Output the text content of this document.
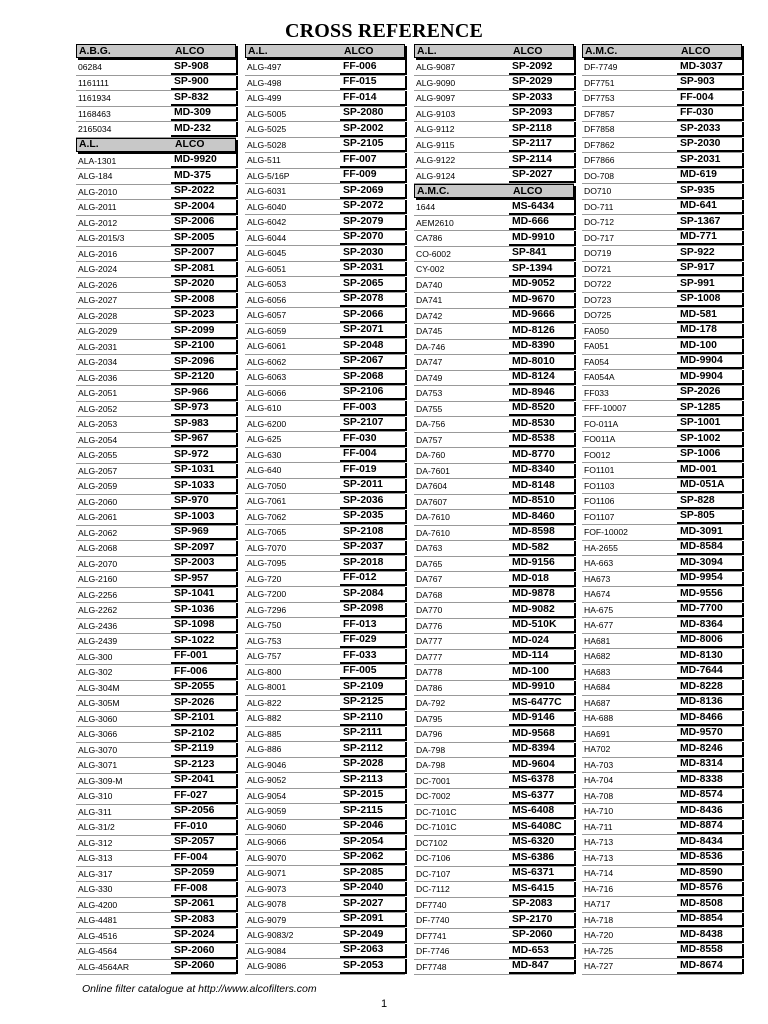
CROSS REFERENCE
A.B.G.	ALCO
06284	SP-908
1161111	SP-900
1161934	SP-832
1168463	MD-309
2165034	MD-232
A.L.	ALCO
ALA-1301	MD-9920
ALG-184	MD-375
ALG-2010	SP-2022
ALG-2011	SP-2004
ALG-2012	SP-2006
ALG-2015/3	SP-2005
ALG-2016	SP-2007
ALG-2024	SP-2081
ALG-2026	SP-2020
ALG-2027	SP-2008
ALG-2028	SP-2023
ALG-2029	SP-2099
ALG-2031	SP-2100
ALG-2034	SP-2096
ALG-2036	SP-2120
ALG-2051	SP-966
ALG-2052	SP-973
ALG-2053	SP-983
ALG-2054	SP-967
ALG-2055	SP-972
ALG-2057	SP-1031
ALG-2059	SP-1033
ALG-2060	SP-970
ALG-2061	SP-1003
ALG-2062	SP-969
ALG-2068	SP-2097
ALG-2070	SP-2003
ALG-2160	SP-957
ALG-2256	SP-1041
ALG-2262	SP-1036
ALG-2436	SP-1098
ALG-2439	SP-1022
ALG-300	FF-001
ALG-302	FF-006
ALG-304M	SP-2055
ALG-305M	SP-2026
ALG-3060	SP-2101
ALG-3066	SP-2102
ALG-3070	SP-2119
ALG-3071	SP-2123
ALG-309-M	SP-2041
ALG-310	FF-027
ALG-311	SP-2056
ALG-31/2	FF-010
ALG-312	SP-2057
ALG-313	FF-004
ALG-317	SP-2059
ALG-330	FF-008
ALG-4200	SP-2061
ALG-4481	SP-2083
ALG-4516	SP-2024
ALG-4564	SP-2060
ALG-4564AR	SP-2060
A.L.	ALCO
ALG-497	FF-006
ALG-498	FF-015
ALG-499	FF-014
ALG-5005	SP-2080
ALG-5025	SP-2002
ALG-5028	SP-2105
ALG-511	FF-007
ALG-5/16P	FF-009
ALG-6031	SP-2069
ALG-6040	SP-2072
ALG-6042	SP-2079
ALG-6044	SP-2070
ALG-6045	SP-2030
ALG-6051	SP-2031
ALG-6053	SP-2065
ALG-6056	SP-2078
ALG-6057	SP-2066
ALG-6059	SP-2071
ALG-6061	SP-2048
ALG-6062	SP-2067
ALG-6063	SP-2068
ALG-6066	SP-2106
ALG-610	FF-003
ALG-6200	SP-2107
ALG-625	FF-030
ALG-630	FF-004
ALG-640	FF-019
ALG-7050	SP-2011
ALG-7061	SP-2036
ALG-7062	SP-2035
ALG-7065	SP-2108
ALG-7070	SP-2037
ALG-7095	SP-2018
ALG-720	FF-012
ALG-7200	SP-2084
ALG-7296	SP-2098
ALG-750	FF-013
ALG-753	FF-029
ALG-757	FF-033
ALG-800	FF-005
ALG-8001	SP-2109
ALG-822	SP-2125
ALG-882	SP-2110
ALG-885	SP-2111
ALG-886	SP-2112
ALG-9046	SP-2028
ALG-9052	SP-2113
ALG-9054	SP-2015
ALG-9059	SP-2115
ALG-9060	SP-2046
ALG-9066	SP-2054
ALG-9070	SP-2062
ALG-9071	SP-2085
ALG-9073	SP-2040
ALG-9078	SP-2027
ALG-9079	SP-2091
ALG-9083/2	SP-2049
ALG-9084	SP-2063
ALG-9086	SP-2053
A.L.	ALCO
ALG-9087	SP-2092
ALG-9090	SP-2029
ALG-9097	SP-2033
ALG-9103	SP-2093
ALG-9112	SP-2118
ALG-9115	SP-2117
ALG-9122	SP-2114
ALG-9124	SP-2027
A.M.C.	ALCO
1644	MS-6434
AEM2610	MD-666
CA786	MD-9910
CO-6002	SP-841
CY-002	SP-1394
DA740	MD-9052
DA741	MD-9670
DA742	MD-9666
DA745	MD-8126
DA-746	MD-8390
DA747	MD-8010
DA749	MD-8124
DA753	MD-8946
DA755	MD-8520
DA-756	MD-8530
DA757	MD-8538
DA-760	MD-8770
DA-7601	MD-8340
DA7604	MD-8148
DA7607	MD-8510
DA-7610	MD-8460
DA-7610	MD-8598
DA763	MD-582
DA765	MD-9156
DA767	MD-018
DA768	MD-9878
DA770	MD-9082
DA776	MD-510K
DA777	MD-024
DA777	MD-114
DA778	MD-100
DA786	MD-9910
DA-792	MS-6477C
DA795	MD-9146
DA796	MD-9568
DA-798	MD-8394
DA-798	MD-9604
DC-7001	MS-6378
DC-7002	MS-6377
DC-7101C	MS-6408
DC-7101C	MS-6408C
DC7102	MS-6320
DC-7106	MS-6386
DC-7107	MS-6371
DC-7112	MS-6415
DF7740	SP-2083
DF-7740	SP-2170
DF7741	SP-2060
DF-7746	MD-653
DF7748	MD-847
A.M.C.	ALCO
DF-7749	MD-3037
DF7751	SP-903
DF7753	FF-004
DF7857	FF-030
DF7858	SP-2033
DF7862	SP-2030
DF7866	SP-2031
DO-708	MD-619
DO710	SP-935
DO-711	MD-641
DO-712	SP-1367
DO-717	MD-771
DO719	SP-922
DO721	SP-917
DO722	SP-991
DO723	SP-1008
DO725	MD-581
FA050	MD-178
FA051	MD-100
FA054	MD-9904
FA054A	MD-9904
FF033	SP-2026
FFF-10007	SP-1285
FO-011A	SP-1001
FO011A	SP-1002
FO012	SP-1006
FO1101	MD-001
FO1103	MD-051A
FO1106	SP-828
FO1107	SP-805
FOF-10002	MD-3091
HA-2655	MD-8584
HA-663	MD-3094
HA673	MD-9954
HA674	MD-9556
HA-675	MD-7700
HA-677	MD-8364
HA681	MD-8006
HA682	MD-8130
HA683	MD-7644
HA684	MD-8228
HA687	MD-8136
HA-688	MD-8466
HA691	MD-9570
HA702	MD-8246
HA-703	MD-8314
HA-704	MD-8338
HA-708	MD-8574
HA-710	MD-8436
HA-711	MD-8874
HA-713	MD-8434
HA-713	MD-8536
HA-714	MD-8590
HA-716	MD-8576
HA717	MD-8508
HA-718	MD-8854
HA-720	MD-8438
HA-725	MD-8558
HA-727	MD-8674
Online filter catalogue at http://www.alcofilters.com
1
